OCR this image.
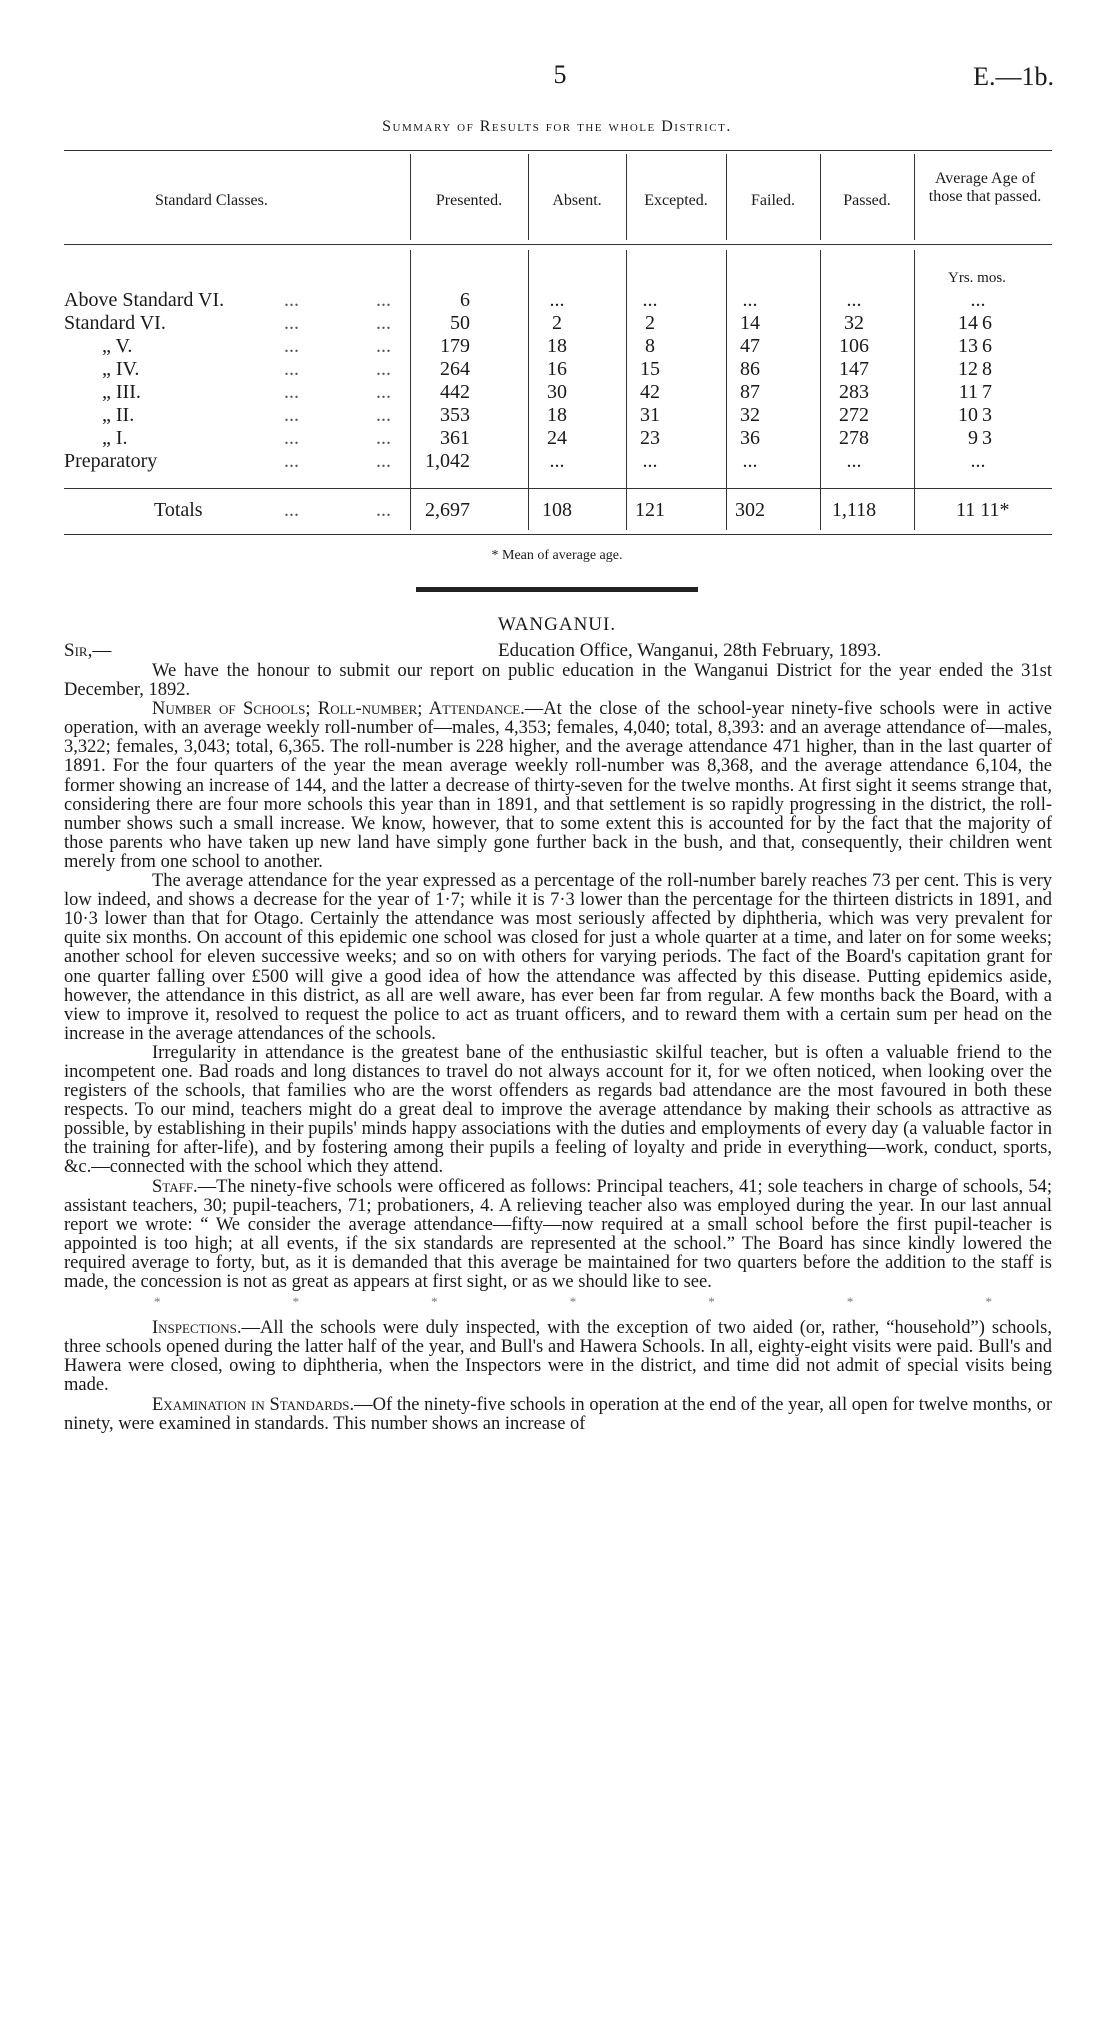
5	E.—1b.
Summary of Results for the whole District.
Standard Classes.	Presented.	Absent.	Excepted.	Failed.	Passed.
Average Age of those that passed.
Yrs. mos.
Above Standard VI.	...	...	6	...	...	...	...	...
Standard VI.	...	...	50	2	2	14	32	14 6
„ V.	...	...	179	18	8	47	106	13 6
„ IV.	...	...	264	16	15	86	147	12 8
„ III.	...	...	442	30	42	87	283	11 7
„ II.	...	...	353	18	31	32	272	10 3
„ I.	...	...	361	24	23	36	278	9 3
Preparatory	...	...	1,042	...	...	...	...	...
Totals	...	...	2,697	108	121	302	1,118	11 11*
* Mean of average age.
WANGANUI.
Sir,—	Education Office, Wanganui, 28th February, 1893.

We have the honour to submit our report on public education in the Wanganui District for the year ended the 31st December, 1892.

Number of Schools; Roll-number; Attendance.—At the close of the school-year ninety-five schools were in active operation, with an average weekly roll-number of—males, 4,353; females, 4,040; total, 8,393: and an average attendance of—males, 3,322; females, 3,043; total, 6,365. The roll-number is 228 higher, and the average attendance 471 higher, than in the last quarter of 1891. For the four quarters of the year the mean average weekly roll-number was 8,368, and the average attendance 6,104, the former showing an increase of 144, and the latter a decrease of thirty-seven for the twelve months. At first sight it seems strange that, considering there are four more schools this year than in 1891, and that settlement is so rapidly progressing in the district, the roll-number shows such a small increase. We know, however, that to some extent this is accounted for by the fact that the majority of those parents who have taken up new land have simply gone further back in the bush, and that, consequently, their children went merely from one school to another.

The average attendance for the year expressed as a percentage of the roll-number barely reaches 73 per cent. This is very low indeed, and shows a decrease for the year of 1·7; while it is 7·3 lower than the percentage for the thirteen districts in 1891, and 10·3 lower than that for Otago. Certainly the attendance was most seriously affected by diphtheria, which was very prevalent for quite six months. On account of this epidemic one school was closed for just a whole quarter at a time, and later on for some weeks; another school for eleven successive weeks; and so on with others for varying periods. The fact of the Board's capitation grant for one quarter falling over £500 will give a good idea of how the attendance was affected by this disease. Putting epidemics aside, however, the attendance in this district, as all are well aware, has ever been far from regular. A few months back the Board, with a view to improve it, resolved to request the police to act as truant officers, and to reward them with a certain sum per head on the increase in the average attendances of the schools.

Irregularity in attendance is the greatest bane of the enthusiastic skilful teacher, but is often a valuable friend to the incompetent one. Bad roads and long distances to travel do not always account for it, for we often noticed, when looking over the registers of the schools, that families who are the worst offenders as regards bad attendance are the most favoured in both these respects. To our mind, teachers might do a great deal to improve the average attendance by making their schools as attractive as possible, by establishing in their pupils' minds happy associations with the duties and employments of every day (a valuable factor in the training for after-life), and by fostering among their pupils a feeling of loyalty and pride in everything—work, conduct, sports, &c.—connected with the school which they attend.

Staff.—The ninety-five schools were officered as follows: Principal teachers, 41; sole teachers in charge of schools, 54; assistant teachers, 30; pupil-teachers, 71; probationers, 4. A relieving teacher also was employed during the year. In our last annual report we wrote: “ We consider the average attendance—fifty—now required at a small school before the first pupil-teacher is appointed is too high; at all events, if the six standards are represented at the school.” The Board has since kindly lowered the required average to forty, but, as it is demanded that this average be maintained for two quarters before the addition to the staff is made, the concession is not as great as appears at first sight, or as we should like to see.

*	*	*	*	*	*	*

Inspections.—All the schools were duly inspected, with the exception of two aided (or, rather, “household”) schools, three schools opened during the latter half of the year, and Bull's and Hawera Schools. In all, eighty-eight visits were paid. Bull's and Hawera were closed, owing to diphtheria, when the Inspectors were in the district, and time did not admit of special visits being made.

Examination in Standards.—Of the ninety-five schools in operation at the end of the year, all open for twelve months, or ninety, were examined in standards. This number shows an increase of
